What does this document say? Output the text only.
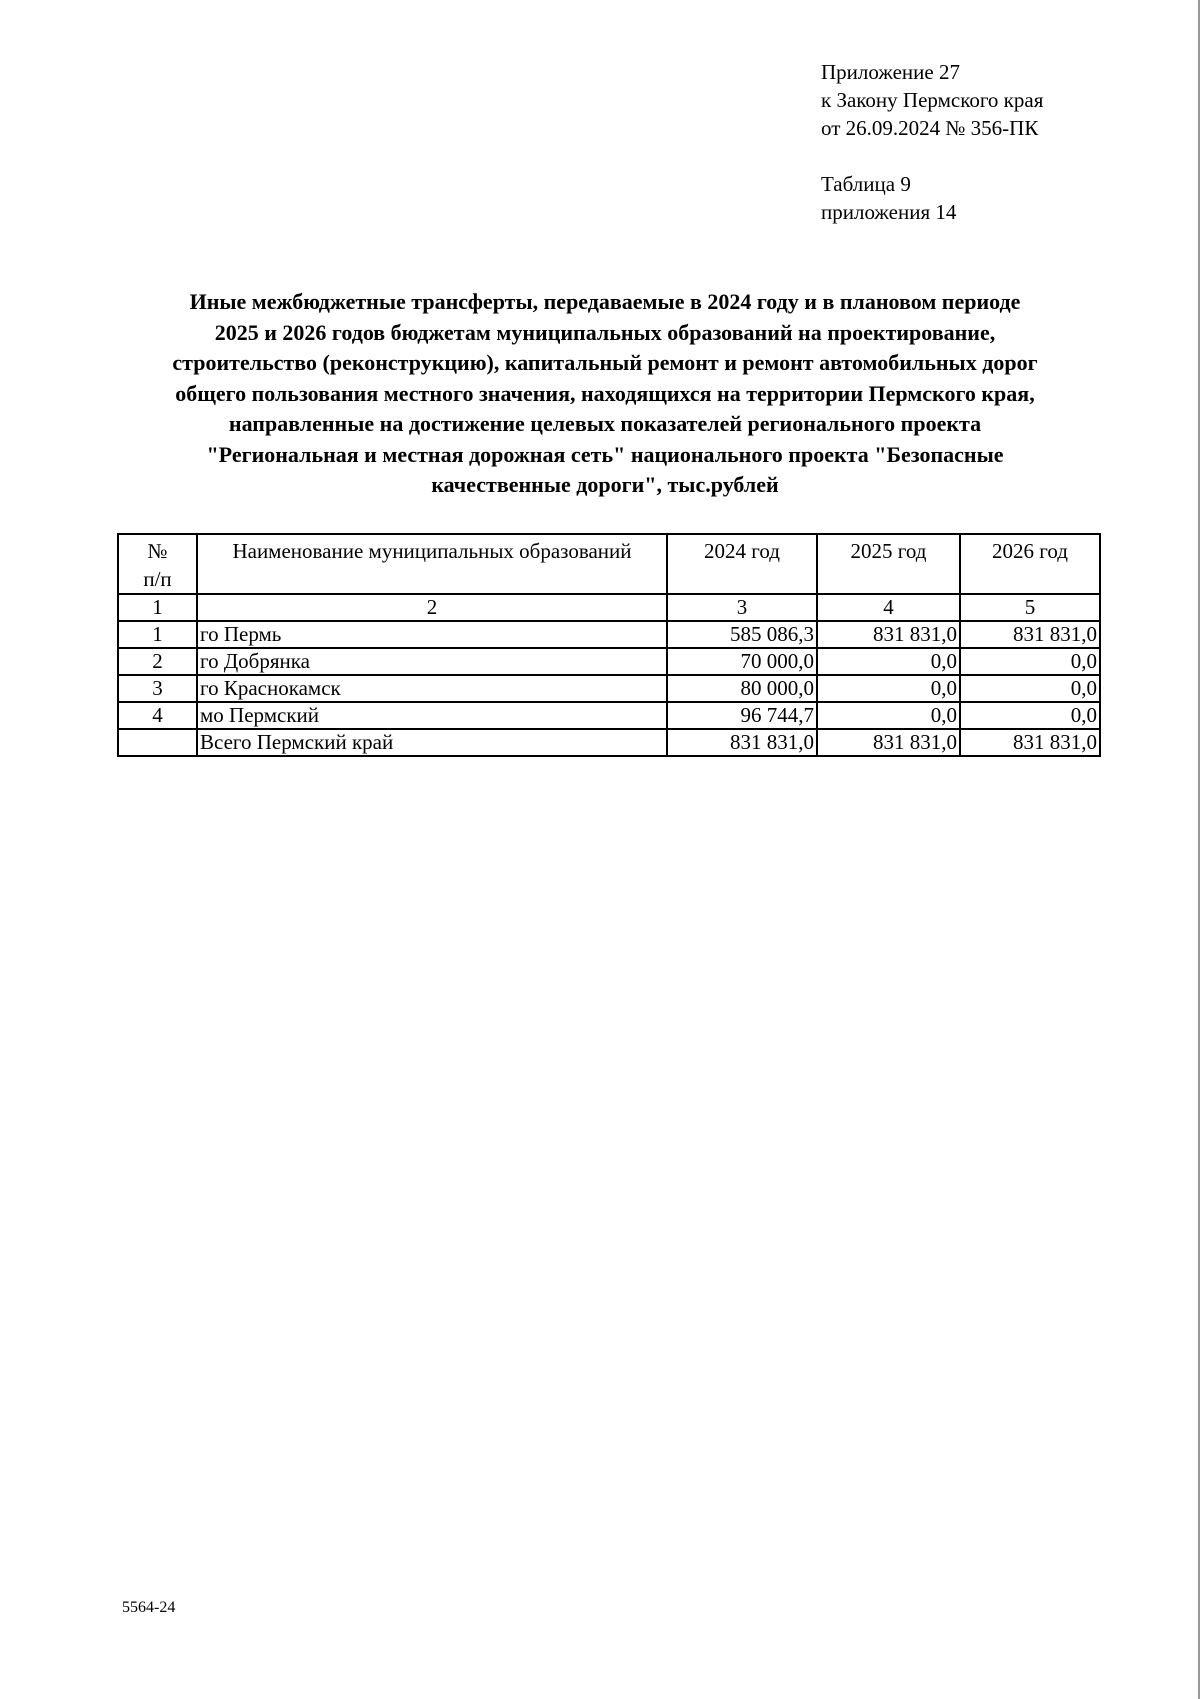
Приложение 27
к Закону Пермского края
от 26.09.2024 № 356-ПК
Таблица 9
приложения 14
Иные межбюджетные трансферты, передаваемые в 2024 году и в плановом периоде
2025 и 2026 годов бюджетам муниципальных образований на проектирование,
строительство (реконструкцию), капитальный ремонт и ремонт автомобильных дорог
общего пользования местного значения, находящихся на территории Пермского края,
направленные на достижение целевых показателей регионального проекта
"Региональная и местная дорожная сеть" национального проекта "Безопасные
качественные дороги", тыс.рублей
№
п/п	Наименование муниципальных образований	2024 год	2025 год	2026 год
1	2	3	4	5
1	го Пермь	585 086,3	831 831,0	831 831,0
2	го Добрянка	70 000,0	0,0	0,0
3	го Краснокамск	80 000,0	0,0	0,0
4	мо Пермский	96 744,7	0,0	0,0
	Всего Пермский край	831 831,0	831 831,0	831 831,0
5564-24
